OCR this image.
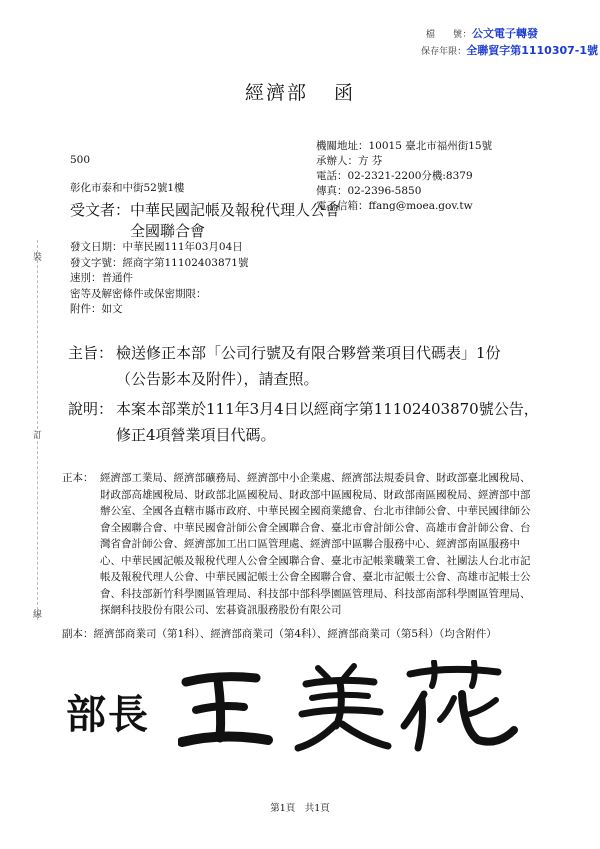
檔　　號 ： 公文電子轉發
保存年限 ： 全聯貿字第1110307-1號
經濟部 函
機關地址：10015 臺北市福州街15號
承辦人：方 芬
電話：02-2321-2200分機:8379
傳真：02-2396-5850
電子信箱：ffang@moea.gov.tw
500
彰化市泰和中街52號1樓
受文者：中華民國記帳及報稅代理人公會
全國聯合會
發文日期：中華民國111年03月04日
發文字號：經商字第11102403871號
速別：普通件
密等及解密條件或保密期限：
附件：如文
裝
訂
線
主旨： 檢送修正本部「公司行號及有限合夥營業項目代碼表」1份
（公告影本及附件），請查照。
說明： 本案本部業於111年3月4日以經商字第11102403870號公告，
修正4項營業項目代碼。
正本： 經濟部工業局、經濟部礦務局、經濟部中小企業處、經濟部法規委員會、財政部臺北國稅局、財政部高雄國稅局、財政部北區國稅局、財政部中區國稅局、財政部南區國稅局、經濟部中部辦公室、全國各直轄市縣市政府、中華民國全國商業總會、台北市律師公會、中華民國律師公會全國聯合會、中華民國會計師公會全國聯合會、臺北市會計師公會、高雄市會計師公會、台灣省會計師公會、經濟部加工出口區管理處、經濟部中區聯合服務中心、經濟部南區服務中心、中華民國記帳及報稅代理人公會全國聯合會、臺北市記帳業職業工會、社團法人台北市記帳及報稅代理人公會、中華民國記帳士公會全國聯合會、臺北市記帳士公會、高雄市記帳士公會、科技部新竹科學園區管理局、科技部中部科學園區管理局、科技部南部科學園區管理局、探網科技股份有限公司、宏碁資訊服務股份有限公司
副本：經濟部商業司（第1科）、經濟部商業司（第4科）、經濟部商業司（第5科）（均含附件）
部長
第1頁　共1頁
